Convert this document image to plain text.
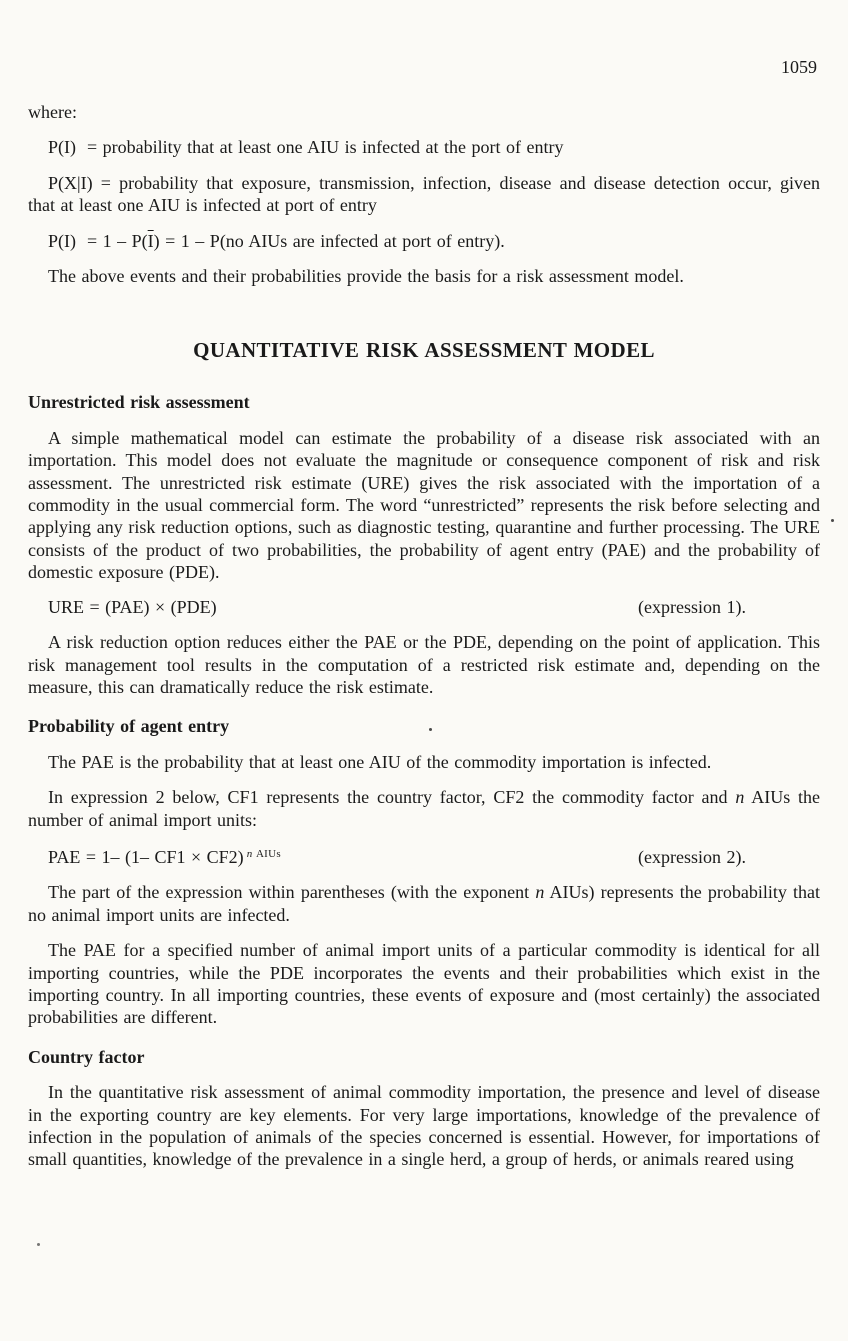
1059

where:

P(I)  = probability that at least one AIU is infected at the port of entry

P(X|I) = probability that exposure, transmission, infection, disease and disease detection occur, given that at least one AIU is infected at port of entry

$P(I) = 1 - P(\overline{I}) = 1 - P(no$ AIUs are infected at port of entry).

The above events and their probabilities provide the basis for a risk assessment model.

QUANTITATIVE RISK ASSESSMENT MODEL
Unrestricted risk assessment

A simple mathematical model can estimate the probability of a disease risk associated with an importation. This model does not evaluate the magnitude or consequence component of risk and risk assessment. The unrestricted risk estimate (URE) gives the risk associated with the importation of a commodity in the usual commercial form. The word “unrestricted” represents the risk before selecting and applying any risk reduction options, such as diagnostic testing, quarantine and further processing. The URE consists of the product of two probabilities, the probability of agent entry (PAE) and the probability of domestic exposure (PDE).

URE = (PAE) × (PDE)	(expression 1).

A risk reduction option reduces either the PAE or the PDE, depending on the point of application. This risk management tool results in the computation of a restricted risk estimate and, depending on the measure, this can dramatically reduce the risk estimate.

Probability of agent entry

The PAE is the probability that at least one AIU of the commodity importation is infected.

In expression 2 below, CF1 represents the country factor, CF2 the commodity factor and n AIUs the number of animal import units:

PAE = 1– (1– CF1 × CF2) $^{n AIUs}$	(expression 2).

The part of the expression within parentheses (with the exponent n AIUs) represents the probability that no animal import units are infected.

The PAE for a specified number of animal import units of a particular commodity is identical for all importing countries, while the PDE incorporates the events and their probabilities which exist in the importing country. In all importing countries, these events of exposure and (most certainly) the associated probabilities are different.

Country factor

In the quantitative risk assessment of animal commodity importation, the presence and level of disease in the exporting country are key elements. For very large importations, knowledge of the prevalence of infection in the population of animals of the species concerned is essential. However, for importations of small quantities, knowledge of the prevalence in a single herd, a group of herds, or animals reared using
